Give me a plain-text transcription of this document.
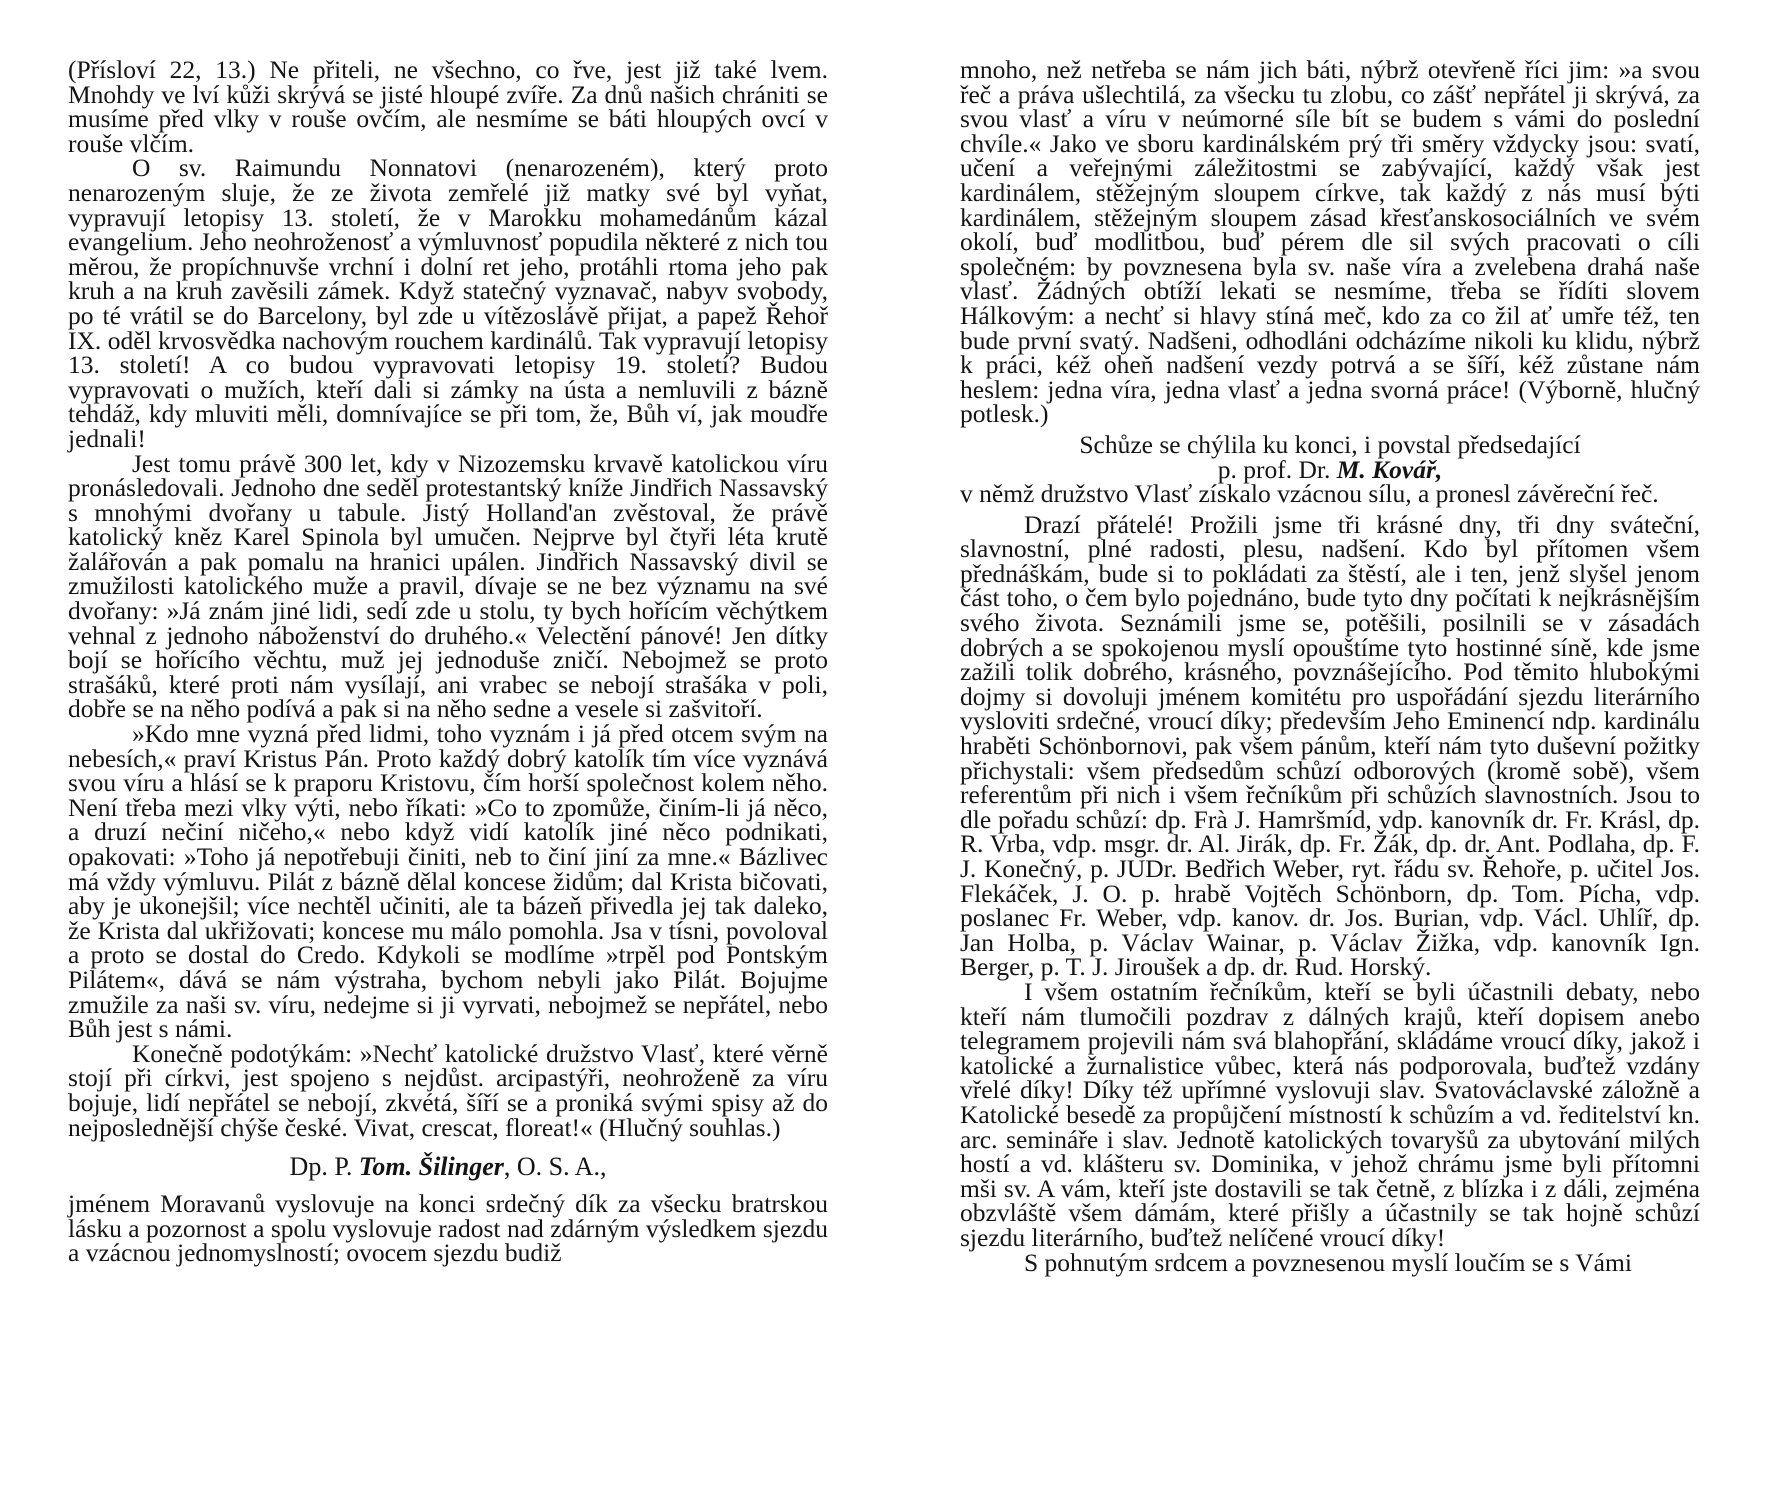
(Přísloví 22, 13.) Ne přiteli, ne všechno, co řve, jest již také lvem. Mnohdy ve lví kůži skrývá se jisté hloupé zvíře. Za dnů našich chrániti se musíme před vlky v rouše ovčím, ale nesmíme se báti hloupých ovcí v rouše vlčím.

O sv. Raimundu Nonnatovi (nenarozeném), který proto nenarozeným sluje, že ze života zemřelé již matky své byl vyňat, vypravují letopisy 13. století, že v Marokku mohamedánům kázal evangelium. Jeho neohroženosť a výmluvnosť popudila některé z nich tou měrou, že propíchnuvše vrchní i dolní ret jeho, protáhli rtoma jeho pak kruh a na kruh zavěsili zámek. Když statečný vyznavač, nabyv svobody, po té vrátil se do Barcelony, byl zde u vítězoslávě přijat, a papež Řehoř IX. oděl krvosvědka nachovým rouchem kardinálů. Tak vypravují letopisy 13. století! A co budou vypravovati letopisy 19. století? Budou vypravovati o mužích, kteří dali si zámky na ústa a nemluvili z bázně tehdáž, kdy mluviti měli, domnívajíce se při tom, že, Bůh ví, jak moudře jednali!

Jest tomu právě 300 let, kdy v Nizozemsku krvavě katolickou víru pronásledovali. Jednoho dne seděl protestantský kníže Jindřich Nassavský s mnohými dvořany u tabule. Jistý Holland'an zvěstoval, že právě katolický kněz Karel Spinola byl umučen. Nejprve byl čtyři léta krutě žalářován a pak pomalu na hranici upálen. Jindřich Nassavský divil se zmužilosti katolického muže a pravil, dívaje se ne bez významu na své dvořany: »Já znám jiné lidi, sedí zde u stolu, ty bych hořícím věchýtkem vehnal z jednoho náboženství do druhého.« Velectění pánové! Jen dítky bojí se hořícího věchtu, muž jej jednoduše zničí. Nebojmež se proto strašáků, které proti nám vysílají, ani vrabec se nebojí strašáka v poli, dobře se na něho podívá a pak si na něho sedne a vesele si zašvitoří.

»Kdo mne vyzná před lidmi, toho vyznám i já před otcem svým na nebesích,« praví Kristus Pán. Proto každý dobrý katolík tím více vyznává svou víru a hlásí se k praporu Kristovu, čím horší společnost kolem něho. Není třeba mezi vlky výti, nebo říkati: »Co to zpomůže, činím-li já něco, a druzí nečiní ničeho,« nebo když vidí katolík jiné něco podnikati, opakovati: »Toho já nepotřebuji činiti, neb to činí jiní za mne.« Bázlivec má vždy výmluvu. Pilát z bázně dělal koncese židům; dal Krista bičovati, aby je ukonejšil; více nechtěl učiniti, ale ta bázeň přivedla jej tak daleko, že Krista dal ukřižovati; koncese mu málo pomohla. Jsa v tísni, povoloval a proto se dostal do Credo. Kdykoli se modlíme »trpěl pod Pontským Pilátem«, dává se nám výstraha, bychom nebyli jako Pilát. Bojujme zmužile za naši sv. víru, nedejme si ji vyrvati, nebojmež se nepřátel, nebo Bůh jest s námi.

Konečně podotýkám: »Nechť katolické družstvo Vlasť, které věrně stojí při církvi, jest spojeno s nejdůst. arcipastýři, neohroženě za víru bojuje, lidí nepřátel se nebojí, zkvétá, šíří se a proniká svými spisy až do nejposlednější chýše české. Vivat, crescat, floreat!« (Hlučný souhlas.)

Dp. P. Tom. Šilinger, O. S. A.,

jménem Moravanů vyslovuje na konci srdečný dík za všecku bratrskou lásku a pozornost a spolu vyslovuje radost nad zdárným výsledkem sjezdu a vzácnou jednomyslností; ovocem sjezdu budiž

mnoho, než netřeba se nám jich báti, nýbrž otevřeně říci jim: »a svou řeč a práva ušlechtilá, za všecku tu zlobu, co zášť nepřátel ji skrývá, za svou vlasť a víru v neúmorné síle bít se budem s vámi do poslední chvíle.« Jako ve sboru kardinálském prý tři směry vždycky jsou: svatí, učení a veřejnými záležitostmi se zabývající, každý však jest kardinálem, stěžejným sloupem církve, tak každý z nás musí býti kardinálem, stěžejným sloupem zásad křesťanskosociálních ve svém okolí, buď modlitbou, buď pérem dle sil svých pracovati o cíli společném: by povznesena byla sv. naše víra a zvelebena drahá naše vlasť. Žádných obtíží lekati se nesmíme, třeba se řídíti slovem Hálkovým: a nechť si hlavy stíná meč, kdo za co žil ať umře též, ten bude první svatý. Nadšeni, odhodláni odcházíme nikoli ku klidu, nýbrž k práci, kéž oheň nadšení vezdy potrvá a se šíří, kéž zůstane nám heslem: jedna víra, jedna vlasť a jedna svorná práce! (Výborně, hlučný potlesk.)

Schůze se chýlila ku konci, i povstal předsedající

p. prof. Dr. M. Kovář,

v němž družstvo Vlasť získalo vzácnou sílu, a pronesl závěreční řeč.

Drazí přátelé! Prožili jsme tři krásné dny, tři dny sváteční, slavnostní, plné radosti, plesu, nadšení. Kdo byl přítomen všem přednáškám, bude si to pokládati za štěstí, ale i ten, jenž slyšel jenom část toho, o čem bylo pojednáno, bude tyto dny počítati k nejkrásnějším svého života. Seznámili jsme se, potěšili, posilnili se v zásadách dobrých a se spokojenou myslí opouštíme tyto hostinné síně, kde jsme zažili tolik dobrého, krásného, povznášejícího. Pod těmito hlubokými dojmy si dovoluji jménem komitétu pro uspořádání sjezdu literárního vysloviti srdečné, vroucí díky; především Jeho Eminencí ndp. kardinálu hraběti Schönbornovi, pak všem pánům, kteří nám tyto duševní požitky přichystali: všem předsedům schůzí odborových (kromě sobě), všem referentům při nich i všem řečníkům při schůzích slavnostních. Jsou to dle pořadu schůzí: dp. Frà J. Hamršmíd, vdp. kanovník dr. Fr. Krásl, dp. R. Vrba, vdp. msgr. dr. Al. Jirák, dp. Fr. Žák, dp. dr. Ant. Podlaha, dp. F. J. Konečný, p. JUDr. Bedřich Weber, ryt. řádu sv. Řehoře, p. učitel Jos. Flekáček, J. O. p. hrabě Vojtěch Schönborn, dp. Tom. Pícha, vdp. poslanec Fr. Weber, vdp. kanov. dr. Jos. Burian, vdp. Václ. Uhlíř, dp. Jan Holba, p. Václav Wainar, p. Václav Žižka, vdp. kanovník Ign. Berger, p. T. J. Jiroušek a dp. dr. Rud. Horský.

I všem ostatním řečníkům, kteří se byli účastnili debaty, nebo kteří nám tlumočili pozdrav z dálných krajů, kteří dopisem anebo telegramem projevili nám svá blahopřání, skládáme vroucí díky, jakož i katolické a žurnalistice vůbec, která nás podporovala, buďtež vzdány vřelé díky! Díky též upřímné vyslovuji slav. Svatováclavské záložně a Katolické besedě za propůjčení místností k schůzím a vd. ředitelství kn. arc. semináře i slav. Jednotě katolických tovaryšů za ubytování milých hostí a vd. klášteru sv. Dominika, v jehož chrámu jsme byli přítomni mši sv. A vám, kteří jste dostavili se tak četně, z blízka i z dáli, zejména obzvláště všem dámám, které přišly a účastnily se tak hojně schůzí sjezdu literárního, buďtež nelíčené vroucí díky!

S pohnutým srdcem a povznesenou myslí loučím se s Vámi
